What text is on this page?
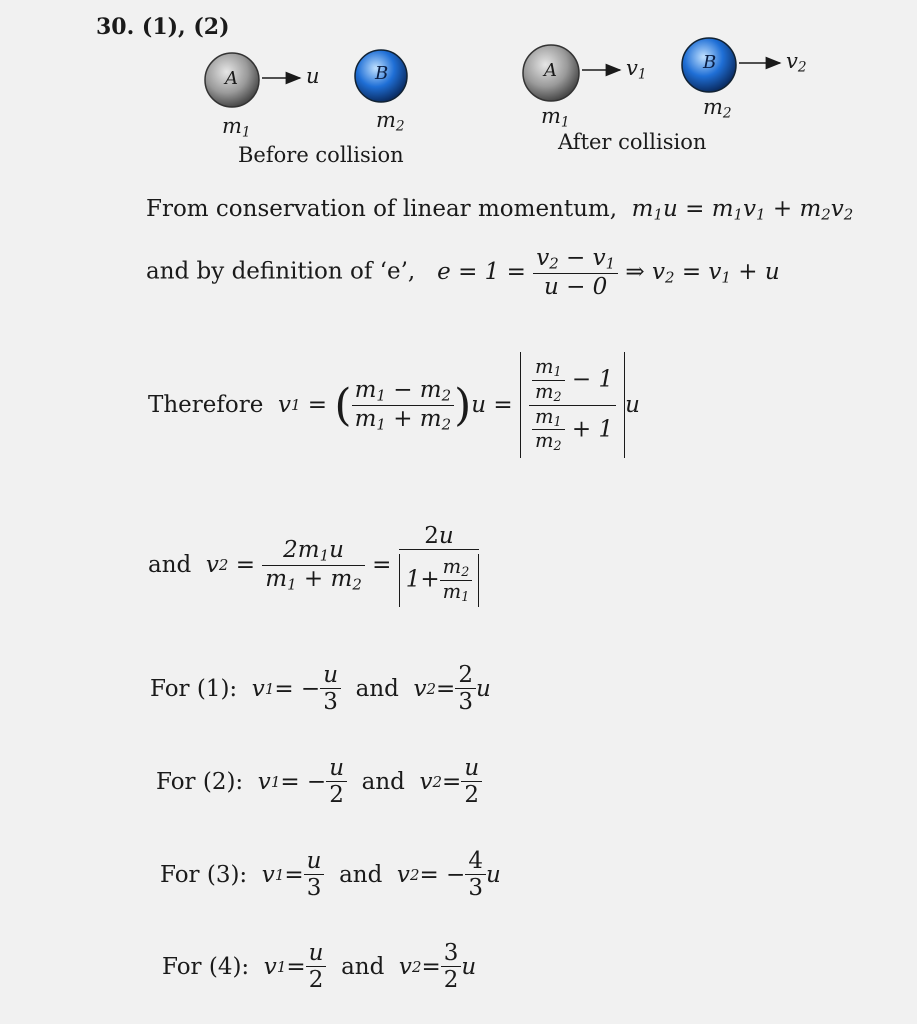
30. (1), (2)
A	B	A	B
u	$v_1$
$v_2$
$m_1$
$m_2$	$m_1$
$m_2$
Before collision
After collision
From conservation of linear momentum,  $m_1u = m_1v_1 + m_2v_2$
and by definition of ‘e’,   $e = 1 = \frac{v_2 - v_1}{u - 0}$ ⇒ $v_2 = v_1 + u$
Therefore v 1 = ( $\frac{m_1 - m_2}{m_1 + m_2}$ ) $u = \frac{\frac{m_1}{m_2} - 1}{\frac{m_1}{m_2} + 1}$ u
and v $2 = \frac{2m_1u}{m_1 + m_2} = \frac{2u}{1+ \frac{m_2}{m_1}}$
For (1): v 1 = − $\frac{u}{3}$
and v $2 = \frac{2}{3}$ u
For (2): v 1 = − $\frac{u}{2}$
and v $2 = \frac{u}{2}$
For (3): v $1 = \frac{u}{3}$
and v 2 = − $\frac{4}{3}$ u
For (4): v $1 = \frac{u}{2}$
and v $2 = \frac{3}{2}$ u
